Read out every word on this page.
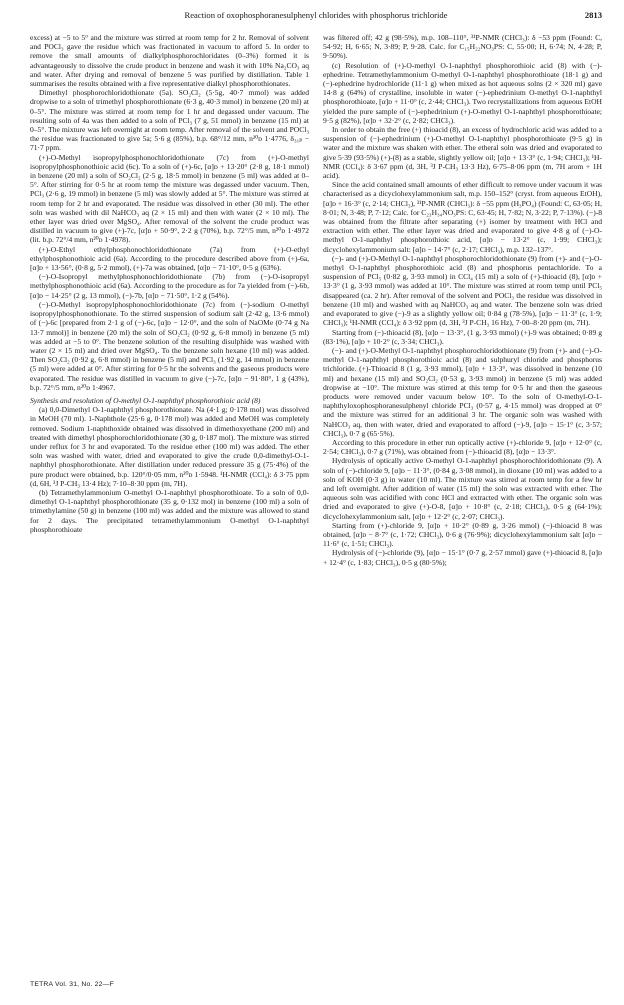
Reaction of oxophosphoranesulphenyl chlorides with phosphorus trichloride	2813

excess) at −5 to 5° and the mixture was stirred at room temp for 2 hr. Removal of solvent and POCl₃ gave the residue which was fractionated in vacuum to afford 5. In order to remove the small amounts of dialkylphosphorochloridates (0–3%) formed it is advantageously to dissolve the crude product in benzene and wash it with 10% Na₂CO₃ aq and water. After drying and removal of benzene 5 was purified by distillation. Table 1 summarises the results obtained with a five representative dialkyl phosphorothionates.

Dimethyl phosphorochloridothionate (5a). SO₂Cl₂ (5·5g, 40·7 mmol) was added dropwise to a soln of trimethyl phosphorothionate (6·3 g, 40·3 mmol) in benzene (20 ml) at 0–5°. The mixture was stirred at room temp for 1 hr and degassed under vacuum. The resulting soln of 4a was then added to a soln of PCl₃ (7 g, 51 mmol) in benzene (15 ml) at 0–5°. The mixture was left overnight at room temp. After removal of the solvent and POCl₃ the residue was fractionated to give 5a; 5·6 g (85%), b.p. 68°/12 mm, n²⁰ᴅ 1·4776, δ₃₁ₚ − 71·7 ppm.

(+)-O-Methyl isopropylphosphonochloridothionate (7c) from (+)-O-methyl isopropylphosphonothioic acid (6c). To a soln of (+)-6c, [α]ᴅ + 13·20° (2·8 g, 18·1 mmol) in benzene (20 ml) a soln of SO₂Cl₂ (2·5 g, 18·5 mmol) in benzene (5 ml) was added at 0–5°. After stirring for 0·5 hr at room temp the mixture was degassed under vacuum. Then, PCl₃ (2·6 g, 19 mmol) in benzene (5 ml) was slowly added at 5°. The mixture was stirred at room temp for 2 hr and evaporated. The residue was dissolved in ether (30 ml). The ether soln was washed with dil NaHCO₃ aq (2 × 15 ml) and then with water (2 × 10 ml). The ether layer was dried over MgSO₄. After removal of the solvent the crude product was distilled in vacuum to give (+)-7c, [α]ᴅ + 50·9°, 2·2 g (70%), b.p. 72°/5 mm, n²⁰ᴅ 1·4972 (lit. b.p. 72°/4 mm, n²⁰ᴅ 1·4978).

(+)-O-Ethyl ethylphosphonochloridothionate (7a) from (+)-O-ethyl ethylphosphonothioic acid (6a). According to the procedure described above from (+)-6a, [α]ᴅ + 13·56°, (0·8 g, 5·2 mmol), (+)-7a was obtained, [α]ᴅ − 71·10°, 0·5 g (63%).

(−)-O-Isopropyl methylphosphonochloridothionate (7b) from (−)-O-isopropyl methylphosphonothioic acid (6a). According to the procedure as for 7a yielded from (−)-6b, [α]ᴅ − 14·25° (2 g, 13 mmol), (−)-7b, [α]ᴅ − 71·50°, 1·2 g (54%).

(−)-O-Methyl isopropylphosphonochloridothionate (7c) from (−)-sodium O-methyl isopropylphosphonothionate. To the stirred suspension of sodium salt (2·42 g, 13·6 mmol) of (−)-6c [prepared from 2·1 g of (−)-6c, [α]ᴅ − 12·0°, and the soln of NaOMe (0·74 g Na 13·7 mmol)] in benzene (20 ml) the soln of SO₂Cl₂ (0·92 g, 6·8 mmol) in benzene (5 ml) was added at −5 to 0°. The benzene solution of the resulting disulphide was washed with water (2 × 15 ml) and dried over MgSO₄. To the benzene soln hexane (10 ml) was added. Then SO₂Cl₂ (0·92 g, 6·8 mmol) in benzene (5 ml) and PCl₃ (1·92 g, 14 mmol) in benzene (5 ml) were added at 0°. After stirring for 0·5 hr the solvents and the gaseous products were evaporated. The residue was distilled in vacuum to give (−)-7c, [α]ᴅ − 91·80°, 1 g (43%), b.p. 72°/5 mm, n²⁰ᴅ 1·4967.

Synthesis and resolution of O-methyl O-1-naphthyl phosphorothioic acid (8)

(a) 0,0-Dimethyl O-1-naphthyl phosphorothionate. Na (4·1 g; 0·178 mol) was dissolved in MeOH (70 ml). 1-Naphthole (25·6 g, 0·178 mol) was added and MeOH was completely removed. Sodium 1-naphthoxide obtained was dissolved in dimethoxyethane (200 ml) and treated with dimethyl phosphorochloridothionate (30 g, 0·187 mol). The mixture was stirred under reflux for 3 hr and evaporated. To the residue ether (100 ml) was added. The ether soln was washed with water, dried and evaporated to give the crude 0,0-dimethyl-O-1-naphthyl phosphorothionate. After distillation under reduced pressure 35 g (75·4%) of the pure product were obtained, b.p. 120°/0·05 mm, n²⁰ᴅ 1·5948. ¹H-NMR (CCl₄): δ 3·75 ppm (d, 6H, ³J P-CH₃ 13·4 Hz); 7·10–8·30 ppm (m, 7H).

(b) Tetramethylammonium O-methyl O-1-naphthyl phosphorothioate. To a soln of 0,0-dimethyl O-1-naphthyl phosphorothionate (35 g, 0·132 mol) in benzene (100 ml) a soln of trimethylamine (50 g) in benzene (100 ml) was added and the mixture was allowed to stand for 2 days. The precipitated tetramethylammonium O-methyl O-1-naphthyl phosphorothioate

was filtered off; 42 g (98·5%), m.p. 108–110°, ³¹P-NMR (CHCl₃): δ −53 ppm (Found: C, 54·92; H, 6·65; N, 3·89; P, 9·28. Calc. for C₁₅H₂₂NO₃PS: C, 55·00; H, 6·74; N, 4·28; P, 9·50%).

(c) Resolution of (+)-O-methyl O-1-naphthyl phosphorothioic acid (8) with (−)-ephedrine. Tetramethylammonium O-methyl O-1-naphthyl phosphorothioate (18·1 g) and (−)-ephedrine hydrochloride (11·1 g) when mixed as hot aqueous solns (2 × 320 ml) gave 14·8 g (64%) of crystalline, insoluble in water (−)-ephedrinium O-methyl O-1-naphthyl phosphorothioate, [α]ᴅ + 11·0° (c, 2·44; CHCl₃). Two recrystallizations from aqueous EtOH yielded the pure sample of (−)-ephedrinium (+)-O-methyl O-1-naphthyl phosphorothioate; 9·5 g (82%), [α]ᴅ + 32·2° (c, 2·82; CHCl₃).

In order to obtain the free (+) thioacid (8), an excess of hydrochloric acid was added to a suspension of (−)-ephedrinium (+)-O-methyl O-1-naphthyl phosphorothioate (9·5 g) in water and the mixture was shaken with ether. The etheral soln was dried and evaporated to give 5·39 (93·5%) (+)-(8) as a stable, slightly yellow oil; [α]ᴅ + 13·3° (c, 1·94; CHCl₃); ¹H-NMR (CCl₄): δ 3·67 ppm (d, 3H, ³J P-CH₃ 13·3 Hz), 6·75–8·06 ppm (m, 7H arom + 1H acid).

Since the acid contained small amounts of ether difficult to remove under vacuum it was characterised as a dicyclohexylammonium salt, m.p. 150–152° (cryst. from aqueous EtOH), [α]ᴅ + 16·3° (c, 2·14; CHCl₃), ³¹P-NMR (CHCl₃): δ −55 ppm (H₃PO₄) (Found: C, 63·05; H, 8·01; N, 3·48; P, 7·12; Calc. for C₂₃H₃₄NO₃PS: C, 63·45; H, 7·82; N, 3·22; P, 7·13%). (−)-8 was obtained from the filtrate after separating (+) isomer by treatment with HCl and extraction with ether. The ether layer was dried and evaporated to give 4·8 g of (−)-O-methyl O-1-naphthyl phosphorothioic acid, [α]ᴅ − 13·2° (c, 1·99; CHCl₃); dicyclohexylammonium salt: [α]ᴅ − 14·7° (c, 2·17; CHCl₃), m.p. 132–137°.

(−)- and (+)-O-Methyl O-1-naphthyl phosphorochloridothionate (9) from (+)- and (−)-O-methyl O-1-naphthyl phosphorothioic acid (8) and phosphorus pentachloride. To a suspension of PCl₅ (0·82 g, 3·93 mmol) in CCl₄ (15 ml) a soln of (+)-thioacid (8), [α]ᴅ + 13·3° (1 g, 3·93 mmol) was added at 10°. The mixture was stirred at room temp until PCl₅ disappeared (ca. 2 hr). After removal of the solvent and POCl₃ the residue was dissolved in benzene (10 ml) and washed with aq NaHCO₃ aq and water. The benzene soln was dried and evaporated to give (−)-9 as a slightly yellow oil; 0·84 g (78·5%), [α]ᴅ − 11·3° (c, 1·9; CHCl₃); ¹H-NMR (CCl₄): δ 3·92 ppm (d, 3H, ³J P-CH₃ 16 Hz), 7·00–8·20 ppm (m, 7H).

Starting from (−)-thioacid (8), [α]ᴅ − 13·3°, (1 g, 3·93 mmol) (+)-9 was obtained; 0·89 g (83·1%), [α]ᴅ + 10·2° (c, 3·34; CHCl₃).

(−)- and (+)-O-Methyl O-1-naphthyl phosphorochloridothionate (9) from (+)- and (−)-O-methyl O-1-naphthyl phosphorothioic acid (8) and sulphuryl chloride and phosphorus trichloride. (+)-Thioacid 8 (1 g, 3·93 mmol), [α]ᴅ + 13·3°, was dissolved in benzene (10 ml) and hexane (15 ml) and SO₂Cl₂ (0·53 g, 3·93 mmol) in benzene (5 ml) was added dropwise at −10°. The mixture was stirred at this temp for 0·5 hr and then the gaseous products were removed under vacuum below 10°. To the soln of O-methyl-O-1-naphthyloxophosphoranesulphenyl chloride PCl₃ (0·57 g, 4·15 mmol) was dropped at 0° and the mixture was stirred for an additional 3 hr. The organic soln was washed with NaHCO₃ aq, then with water, dried and evaporated to afford (−)-9, [α]ᴅ − 15·1° (c, 3·57; CHCl₃), 0·7 g (65·5%).

According to this procedure in ether run optically active (+)-chloride 9, [α]ᴅ + 12·0° (c, 2·54; CHCl₃), 0·7 g (71%), was obtained from (−)-thioacid (8), [α]ᴅ − 13·3°.

Hydrolysis of optically active O-methyl O-1-naphthyl phosphorochloridothionate (9). A soln of (−)-chloride 9, [α]ᴅ − 11·3°, (0·84 g, 3·08 mmol), in dioxane (10 ml) was added to a soln of KOH (0·3 g) in water (10 ml). The mixture was stirred at room temp for a few hr and left overnight. After addition of water (15 ml) the soln was extracted with ether. The aqueous soln was acidified with conc HCl and extracted with ether. The organic soln was dried and evaporated to give (+)-O-8, [α]ᴅ + 10·8° (c, 2·18; CHCl₃), 0·5 g (64·1%); dicyclohexylammonium salt, [α]ᴅ + 12·2° (c, 2·07; CHCl₃).

Starting from (+)-chloride 9, [α]ᴅ + 10·2° (0·89 g, 3·26 mmol) (−)-thioacid 8 was obtained, [α]ᴅ − 8·7° (c, 1·72; CHCl₃), 0·6 g (76·9%); dicyclohexylammonium salt [α]ᴅ − 11·6° (c, 1·51; CHCl₃).

Hydrolysis of (−)-chloride (9), [α]ᴅ − 15·1° (0·7 g, 2·57 mmol) gave (+)-thioacid 8, [α]ᴅ + 12·4° (c, 1·83; CHCl₃), 0·5 g (80·5%);

TETRA Vol. 31, No. 22—F
